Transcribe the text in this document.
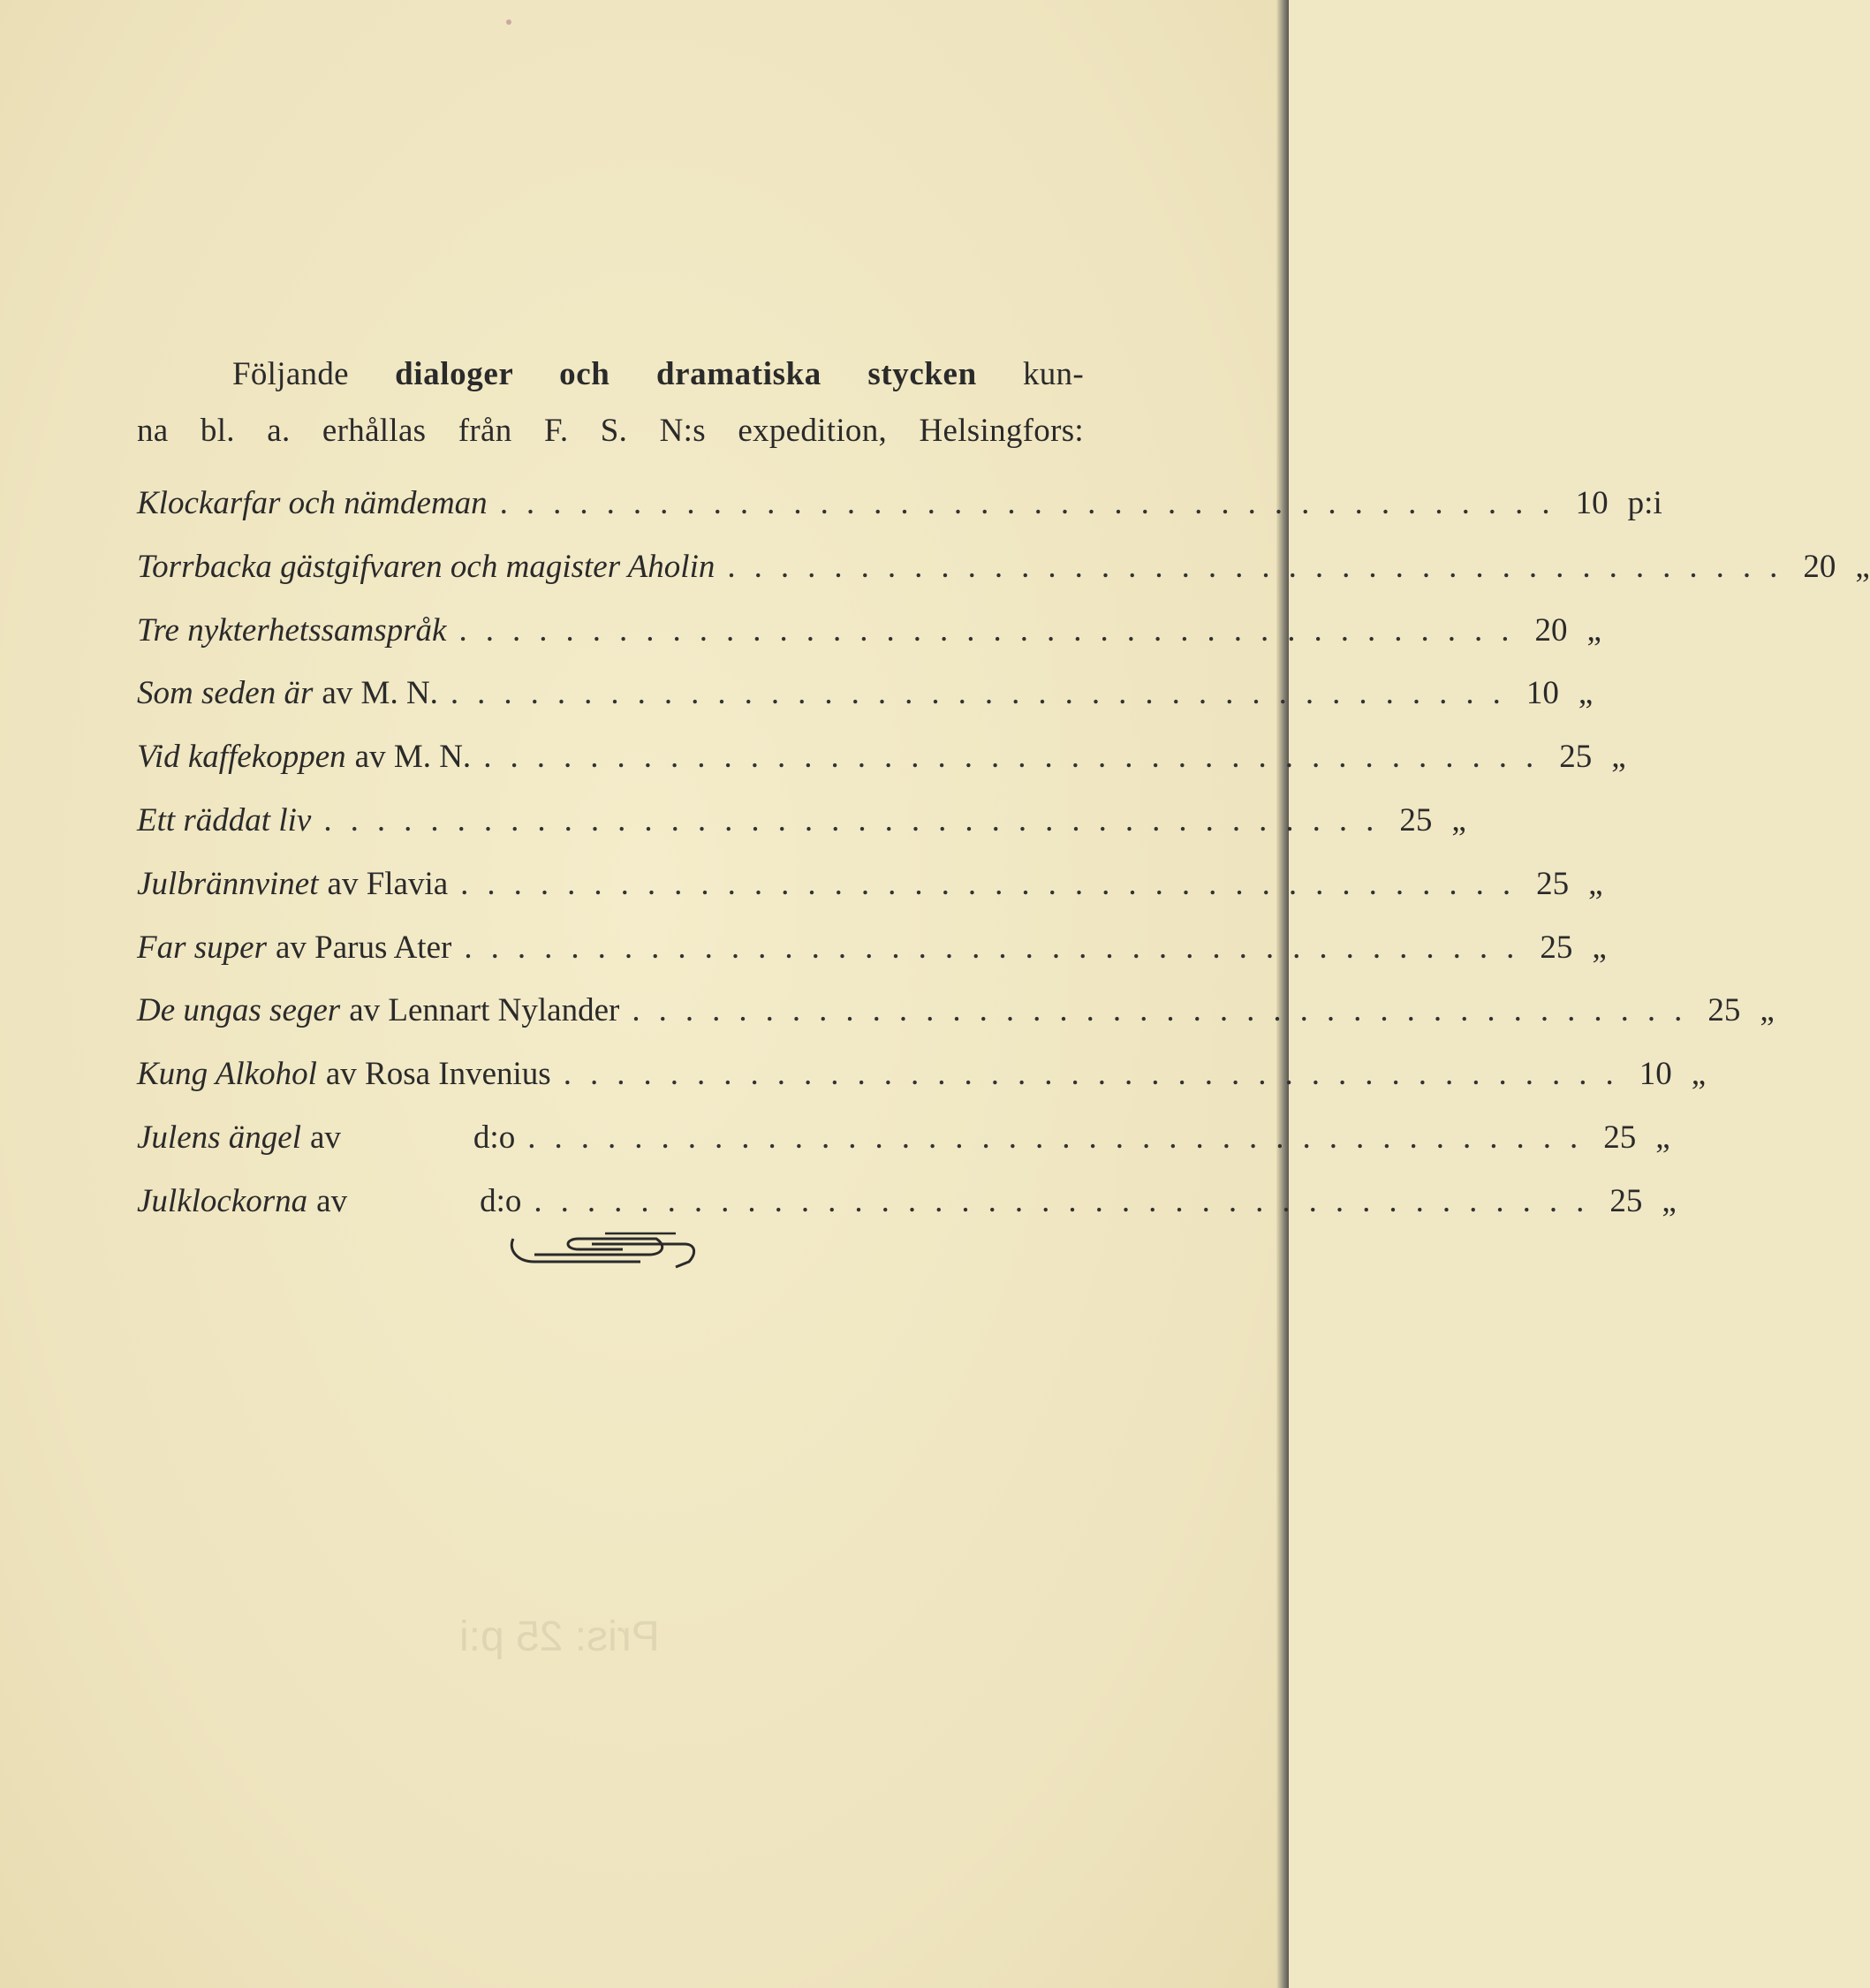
Pris: 25 p:i
Följande dialoger och dramatiska stycken kun-
na bl. a. erhållas från F. S. N:s expedition, Helsingfors:
Klockarfar och nämdeman ........................................ 10 p:i
Torrbacka gästgifvaren och magister Aholin ........................................ 20 „
Tre nykterhetssamspråk ........................................ 20 „
Som seden är av M. N. ........................................ 10 „
Vid kaffekoppen av M. N. ........................................ 25 „
Ett räddat liv ........................................ 25 „
Julbrännvinet av Flavia ........................................ 25 „
Far super av Parus Ater ........................................ 25 „
De ungas seger av Lennart Nylander ........................................ 25 „
Kung Alkohol av Rosa Invenius ........................................ 10 „
Julens ängel av	d:o ........................................ 25 „
Julklockorna av	d:o ........................................ 25 „
